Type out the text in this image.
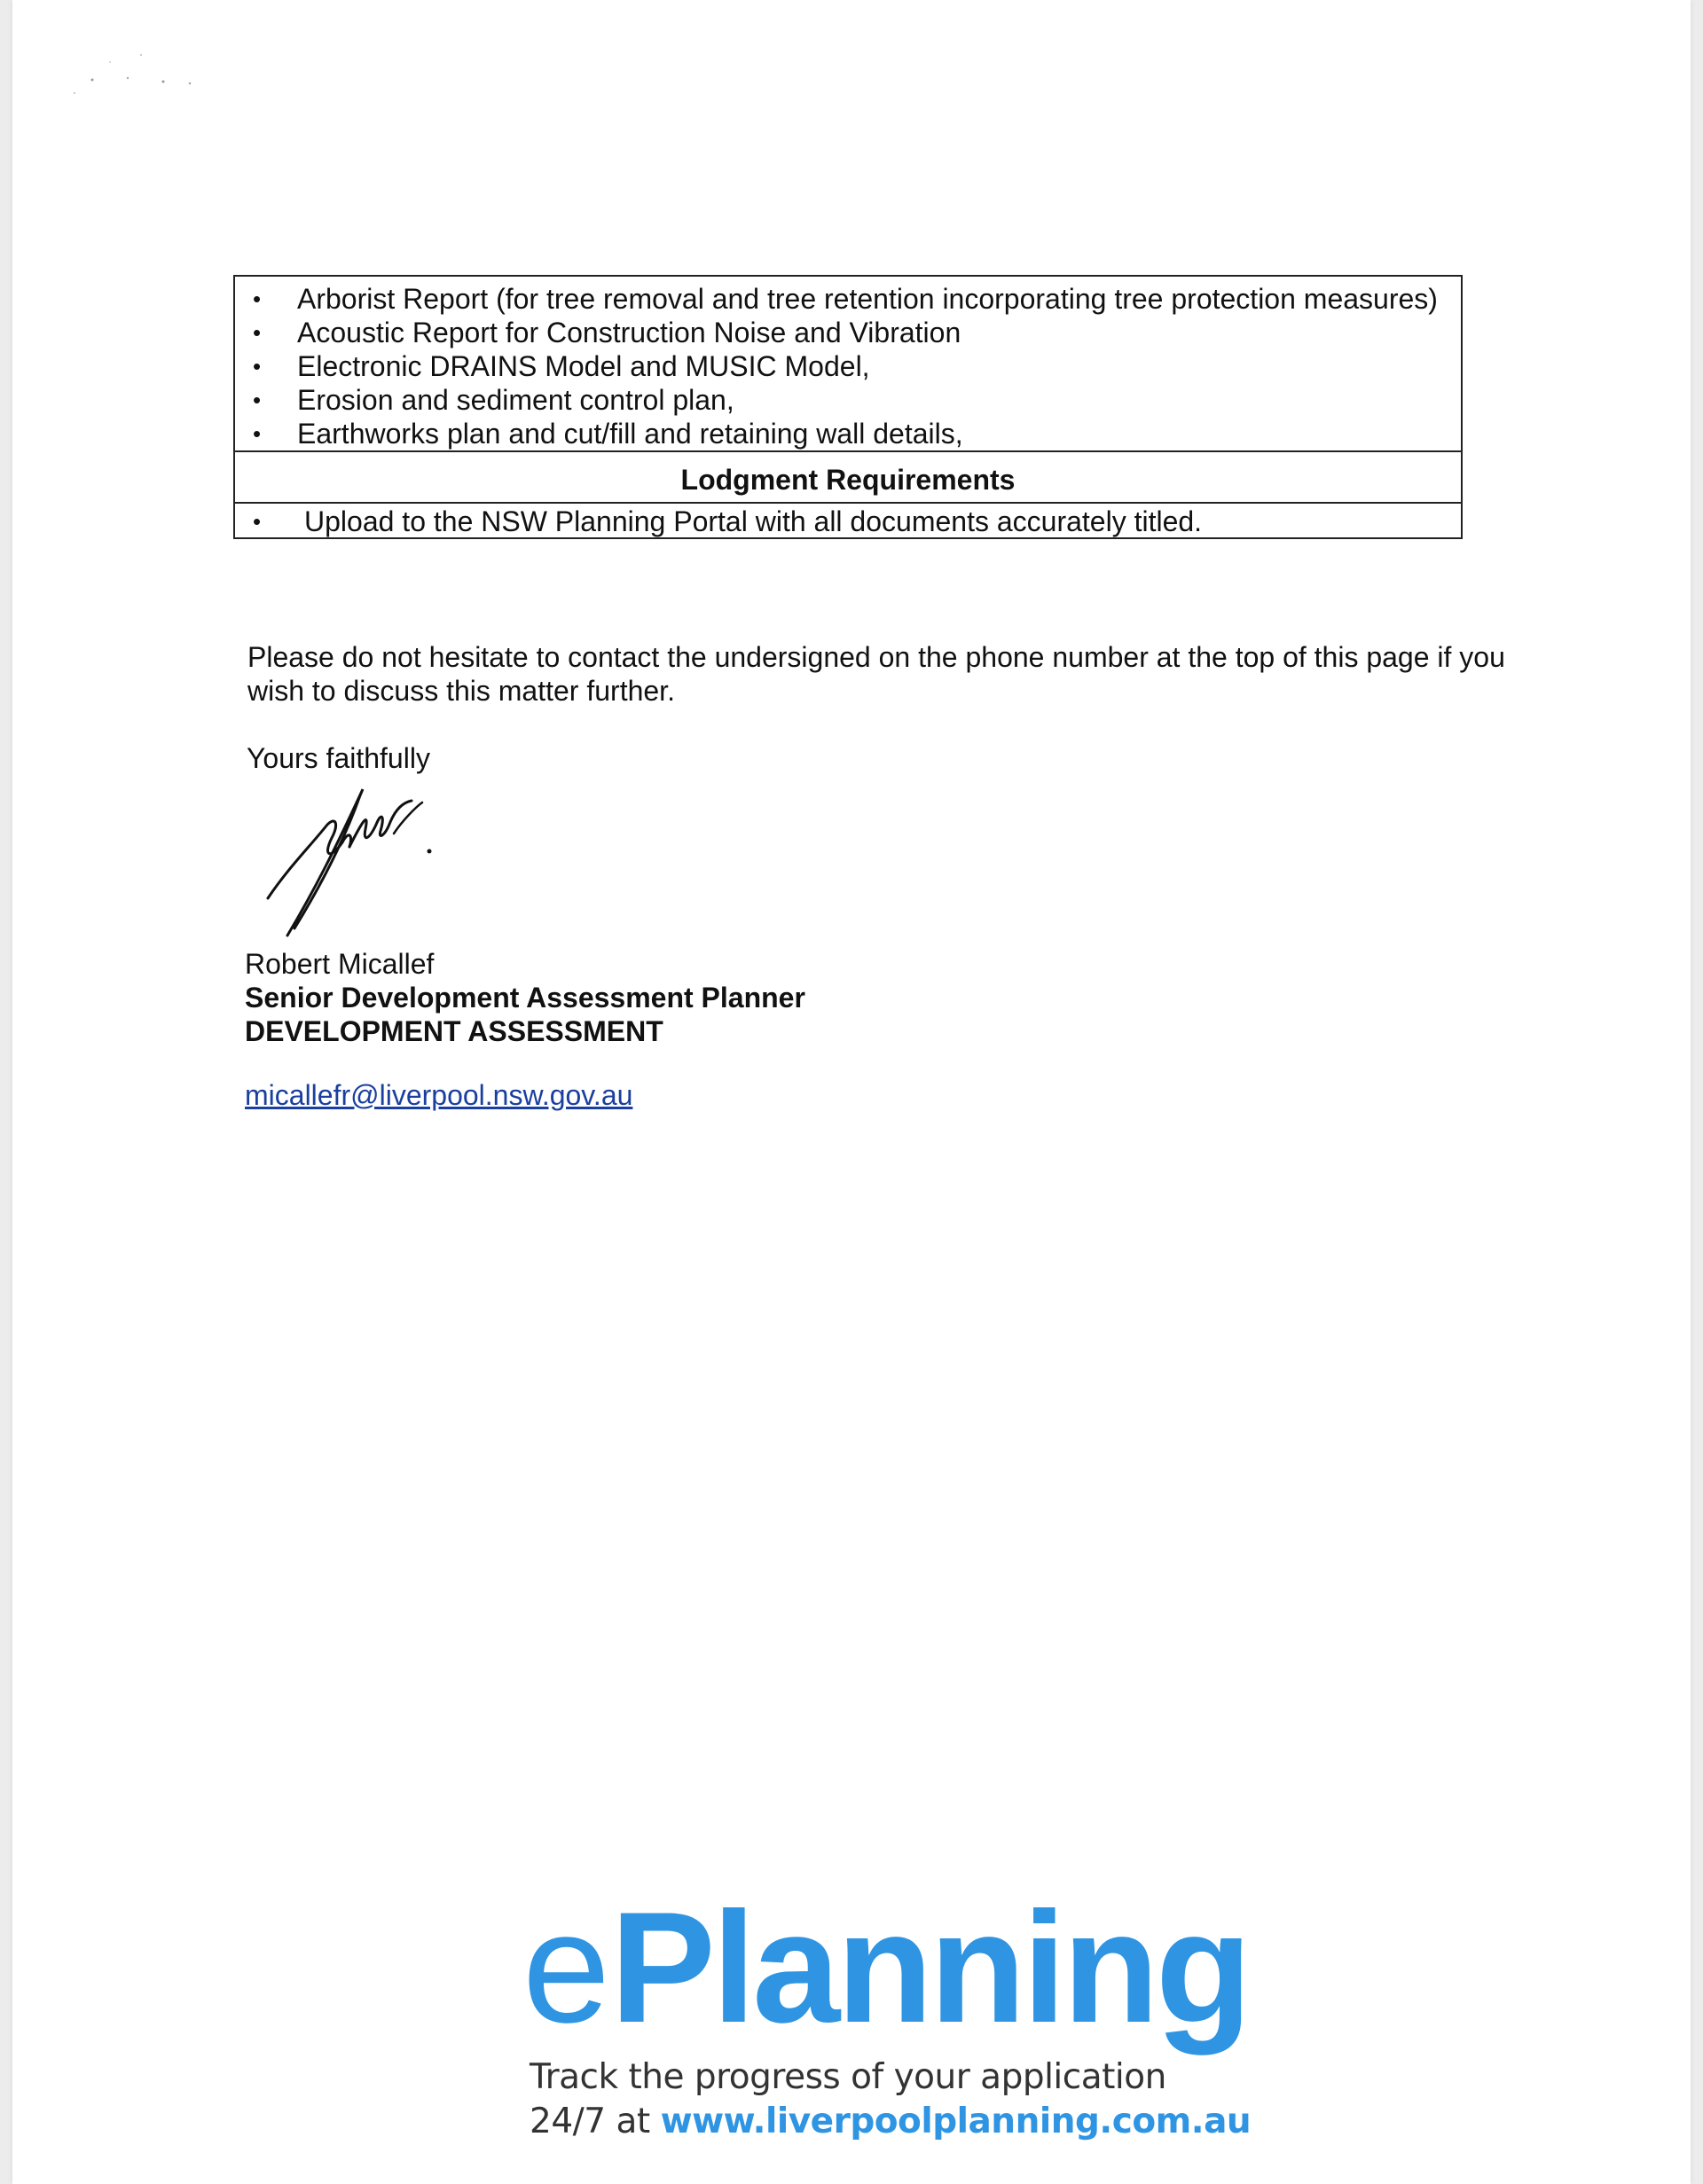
•	Arborist Report (for tree removal and tree retention incorporating tree protection measures)
•	Acoustic Report for Construction Noise and Vibration
•	Electronic DRAINS Model and MUSIC Model,
•	Erosion and sediment control plan,
•	Earthworks plan and cut/fill and retaining wall details,
Lodgment Requirements
•	Upload to the NSW Planning Portal with all documents accurately titled.

Please do not hesitate to contact the undersigned on the phone number at the top of this page if you wish to discuss this matter further.

Yours faithfully

Robert Micallef
Senior Development Assessment Planner
DEVELOPMENT ASSESSMENT
micallefr@liverpool.nsw.gov.au
ePlanning
Track the progress of your application
24/7 at www.liverpoolplanning.com.au
